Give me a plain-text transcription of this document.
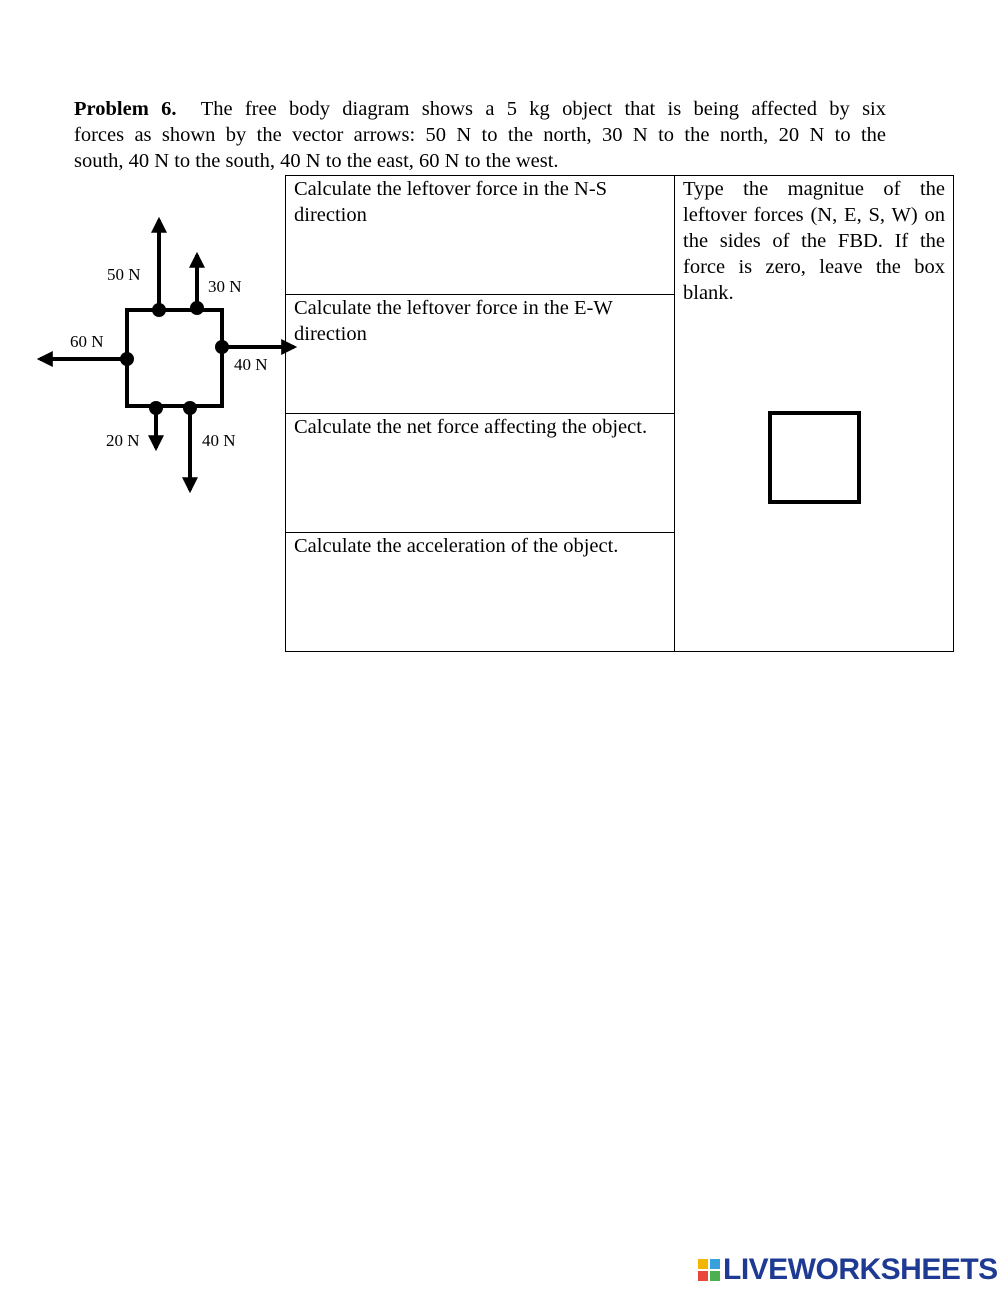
Problem 6. The free body diagram shows a 5 kg object that is being affected by six
forces as shown by the vector arrows: 50 N to the north, 30 N to the north, 20 N to the
south, 40 N to the south, 40 N to the east, 60 N to the west.
50 N
30 N
60 N
40 N
20 N	40 N
Calculate the leftover force in the N-S direction	
Type the magnitue of the leftover forces (N, E, S, W) on the sides of the FBD. If the force is zero, leave the box blank.

Calculate the leftover force in the E-W direction
Calculate the net force affecting the object.
Calculate the acceleration of the object.
LIVEWORKSHEETS
